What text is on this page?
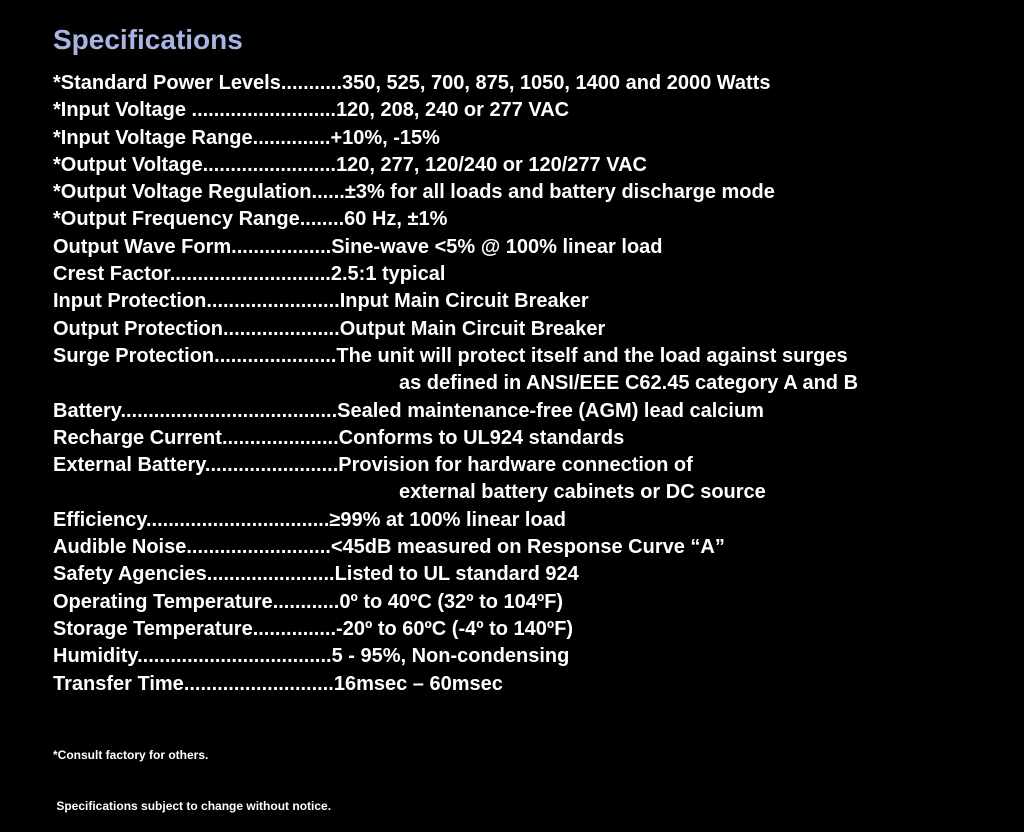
Specifications
*Standard Power Levels...........350, 525, 700, 875, 1050, 1400 and 2000 Watts
*Input Voltage ..........................120, 208, 240 or 277 VAC
*Input Voltage Range..............+10%, -15%
*Output Voltage........................120, 277, 120/240 or 120/277 VAC
*Output Voltage Regulation......±3% for all loads and battery discharge mode
*Output Frequency Range........60 Hz, ±1%
Output Wave Form..................Sine-wave <5% @ 100% linear load
Crest Factor.............................2.5:1 typical
Input Protection........................Input Main Circuit Breaker
Output Protection.....................Output Main Circuit Breaker
Surge Protection......................The unit will protect itself and the load against surges
as defined in ANSI/EEE C62.45 category A and B
Battery.......................................Sealed maintenance-free (AGM) lead calcium
Recharge Current.....................Conforms to UL924 standards
External Battery........................Provision for hardware connection of
external battery cabinets or DC source
Efficiency.................................≥99% at 100% linear load
Audible Noise..........................<45dB measured on Response Curve “A”
Safety Agencies.......................Listed to UL standard 924
Operating Temperature............0º to 40ºC (32º to 104ºF)
Storage Temperature...............-20º to 60ºC (-4º to 140ºF)
Humidity...................................5 - 95%, Non-condensing
Transfer Time...........................16msec – 60msec

*Consult factory for others.

Specifications subject to change without notice.
